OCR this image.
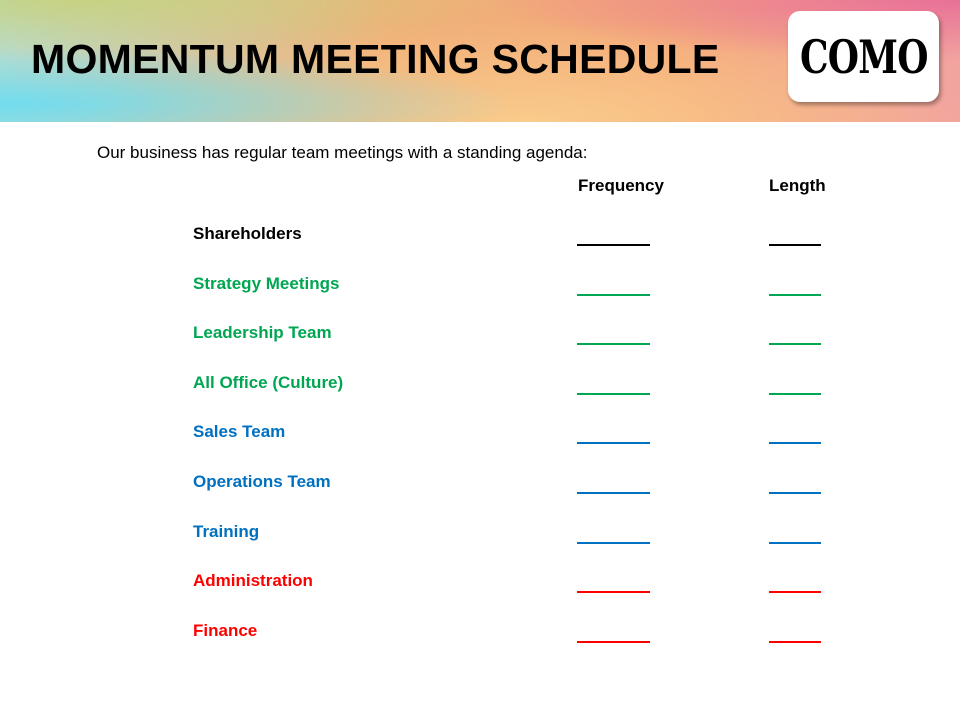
MOMENTUM MEETING SCHEDULE COMO

Our business has regular team meetings with a standing agenda:

Frequency	Length
Shareholders
Strategy Meetings
Leadership Team
All Office (Culture)
Sales Team
Operations Team
Training
Administration
Finance
